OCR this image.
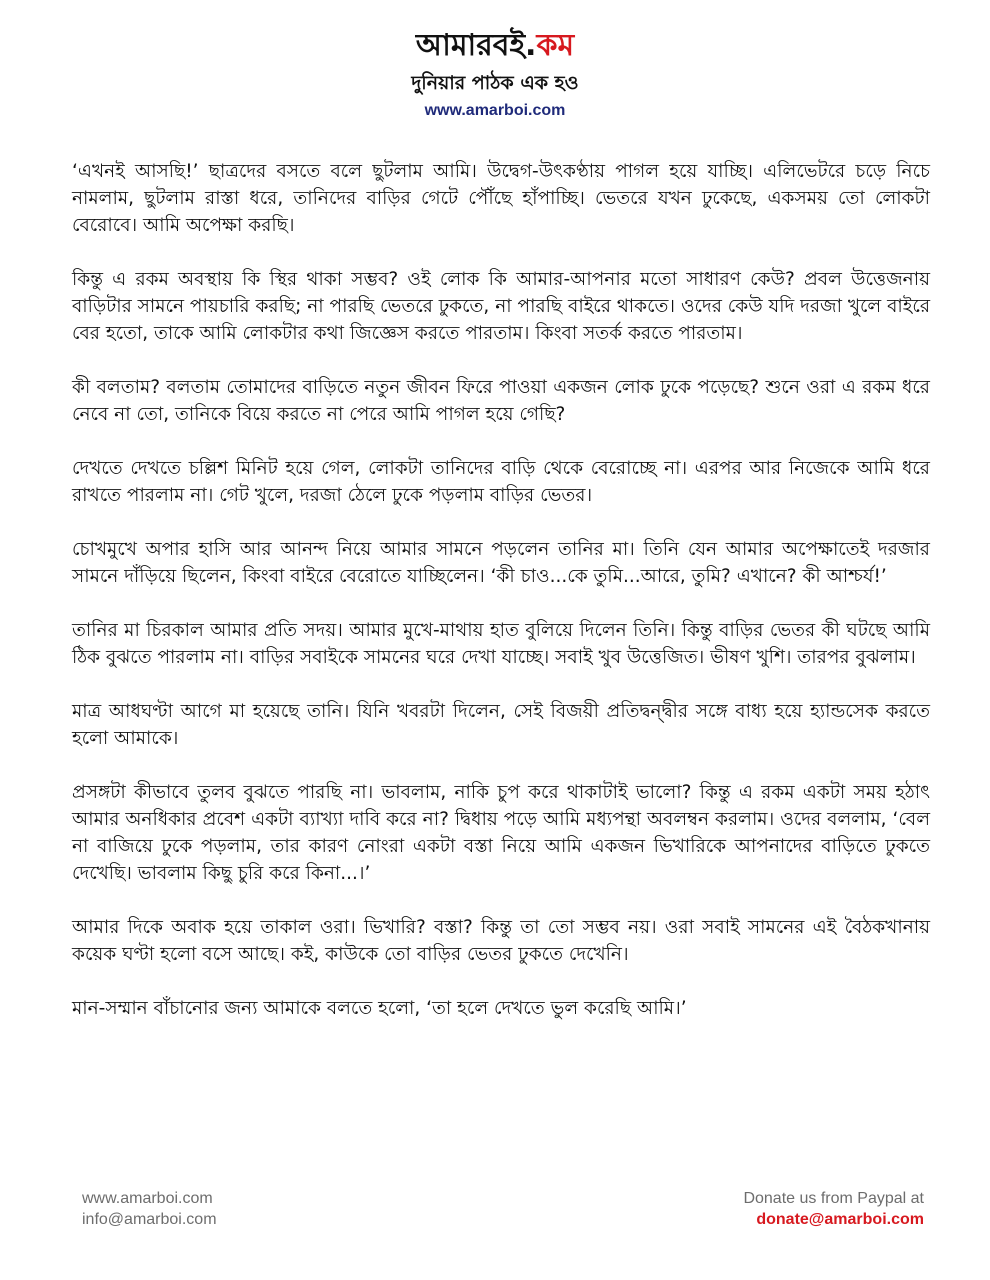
আমারবই.কম
দুনিয়ার পাঠক এক হও
www.amarboi.com

‘এখনই আসছি!’ ছাত্রদের বসতে বলে ছুটলাম আমি। উদ্বেগ-উৎকণ্ঠায় পাগল হয়ে যাচ্ছি। এলিভেটরে চড়ে নিচে নামলাম, ছুটলাম রাস্তা ধরে, তানিদের বাড়ির গেটে পৌঁছে হাঁপাচ্ছি। ভেতরে যখন ঢুকেছে, একসময় তো লোকটা বেরোবে। আমি অপেক্ষা করছি।

কিন্তু এ রকম অবস্থায় কি স্থির থাকা সম্ভব? ওই লোক কি আমার-আপনার মতো সাধারণ কেউ? প্রবল উত্তেজনায় বাড়িটার সামনে পায়চারি করছি; না পারছি ভেতরে ঢুকতে, না পারছি বাইরে থাকতে। ওদের কেউ যদি দরজা খুলে বাইরে বের হতো, তাকে আমি লোকটার কথা জিজ্ঞেস করতে পারতাম। কিংবা সতর্ক করতে পারতাম।

কী বলতাম? বলতাম তোমাদের বাড়িতে নতুন জীবন ফিরে পাওয়া একজন লোক ঢুকে পড়েছে? শুনে ওরা এ রকম ধরে নেবে না তো, তানিকে বিয়ে করতে না পেরে আমি পাগল হয়ে গেছি?

দেখতে দেখতে চল্লিশ মিনিট হয়ে গেল, লোকটা তানিদের বাড়ি থেকে বেরোচ্ছে না। এরপর আর নিজেকে আমি ধরে রাখতে পারলাম না। গেট খুলে, দরজা ঠেলে ঢুকে পড়লাম বাড়ির ভেতর।

চোখমুখে অপার হাসি আর আনন্দ নিয়ে আমার সামনে পড়লেন তানির মা। তিনি যেন আমার অপেক্ষাতেই দরজার সামনে দাঁড়িয়ে ছিলেন, কিংবা বাইরে বেরোতে যাচ্ছিলেন। ‘কী চাও...কে তুমি...আরে, তুমি? এখানে? কী আশ্চর্য!’

তানির মা চিরকাল আমার প্রতি সদয়। আমার মুখে-মাথায় হাত বুলিয়ে দিলেন তিনি। কিন্তু বাড়ির ভেতর কী ঘটছে আমি ঠিক বুঝতে পারলাম না। বাড়ির সবাইকে সামনের ঘরে দেখা যাচ্ছে। সবাই খুব উত্তেজিত। ভীষণ খুশি। তারপর বুঝলাম।

মাত্র আধঘণ্টা আগে মা হয়েছে তানি। যিনি খবরটা দিলেন, সেই বিজয়ী প্রতিদ্বন্দ্বীর সঙ্গে বাধ্য হয়ে হ্যান্ডসেক করতে হলো আমাকে।

প্রসঙ্গটা কীভাবে তুলব বুঝতে পারছি না। ভাবলাম, নাকি চুপ করে থাকাটাই ভালো? কিন্তু এ রকম একটা সময় হঠাৎ আমার অনধিকার প্রবেশ একটা ব্যাখ্যা দাবি করে না? দ্বিধায় পড়ে আমি মধ্যপন্থা অবলম্বন করলাম। ওদের বললাম, ‘বেল না বাজিয়ে ঢুকে পড়লাম, তার কারণ নোংরা একটা বস্তা নিয়ে আমি একজন ভিখারিকে আপনাদের বাড়িতে ঢুকতে দেখেছি। ভাবলাম কিছু চুরি করে কিনা...।’

আমার দিকে অবাক হয়ে তাকাল ওরা। ভিখারি? বস্তা? কিন্তু তা তো সম্ভব নয়। ওরা সবাই সামনের এই বৈঠকখানায় কয়েক ঘণ্টা হলো বসে আছে। কই, কাউকে তো বাড়ির ভেতর ঢুকতে দেখেনি।

মান-সম্মান বাঁচানোর জন্য আমাকে বলতে হলো, ‘তা হলে দেখতে ভুল করেছি আমি।’

www.amarboi.com
info@amarboi.com
Donate us from Paypal at
donate@amarboi.com
